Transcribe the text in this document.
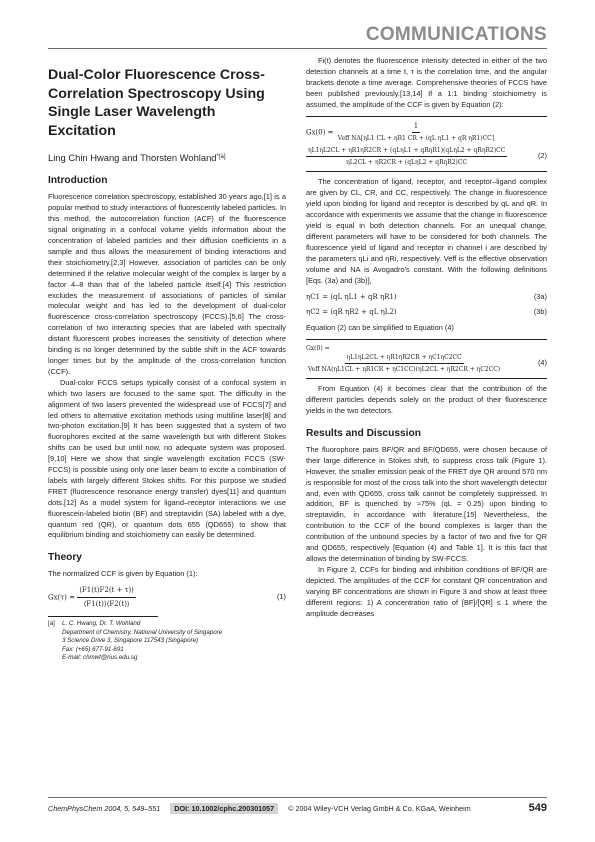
COMMUNICATIONS
Dual-Color Fluorescence Cross-Correlation Spectroscopy Using Single Laser Wavelength Excitation
Ling Chin Hwang and Thorsten Wohland$^{*[a]}$
Introduction

Fluorescence correlation spectroscopy, established 30 years ago,[1] is a popular method to study interactions of fluorescently labeled particles. In this method, the autocorrelation function (ACF) of the fluorescence signal originating in a confocal volume yields information about the concentration of labeled particles and their diffusion coefficients in a sample and thus allows the measurement of binding interactions and their stoichiometry.[2,3] However, association of particles can be only determined if the relative molecular weight of the complex is larger by a factor 4–8 than that of the labeled particle itself.[4] This restriction excludes the measurement of associations of particles of similar molecular weight and has led to the development of dual-color fluorescence cross-correlation spectroscopy (FCCS).[5,6] The cross-correlation of two interacting species that are labeled with spectrally distant fluorescent probes increases the sensitivity of detection where binding is no longer determined by the subtle shift in the ACF towards longer times but by the amplitude of the cross-correlation function (CCF).

Dual-color FCCS setups typically consist of a confocal system in which two lasers are focused to the same spot. The difficulty in the alignment of two lasers prevented the widespread use of FCCS[7] and led others to alternative excitation methods using multiline laser[8] and two-photon excitation.[9] It has been suggested that a system of two fluorophores excited at the same wavelength but with different Stokes shifts can be used but until now, no adequate system was proposed.[9,10] Here we show that single wavelength excitation FCCS (SW-FCCS) is possible using only one laser beam to excite a combination of labels with largely different Stokes shifts. For this purpose we studied FRET (fluorescence resonance energy transfer) dyes[11] and quantum dots.[12] As a model system for ligand–receptor interactions we use fluorescein-labeled biotin (BF) and streptavidin (SA) labeled with a dye, quantum red (QR), or quantum dots 655 (QD655) to show that equilibrium binding and stoichiometry can easily be determined.

Theory

The normalized CCF is given by Equation (1):

$Gx(\tau) = \frac{⟨F1(t)F2(t + \tau)⟩}{⟨F1(t)⟩⟨F2(t)⟩}$	(1)
[a] L. C. Hwang, Dr. T. Wohland
Department of Chemistry, National University of Singapore
3 Science Drive 3, Singapore 117543 (Singapore)
Fax: (+65) 677-91-691
E-mail: chmwt@nus.edu.sg

Fi(t) denotes the fluorescence intensity detected in either of the two detection channels at a time t, τ is the correlation time, and the angular brackets denote a time average. Comprehensive theories of FCCS have been published previously.[13,14] If a 1:1 binding stoichiometry is assumed, the amplitude of the CCF is given by Equation (2):

$Gx(0) = \frac{1}{\text{Veff NA[ηL1 CL + ηR1 CR + (qL ηL1 + qR ηR1)CC]}}$
$\frac{\text{ηL1ηL2CL + ηR1ηR2CR + (qLηL1 + qRηR1)(qLηL2 + qRηR2)CC}}{\text{ηL2CL + ηR2CR + (qLηL2 + qRηR2)CC}}$	(2)

The concentration of ligand, receptor, and receptor–ligand complex are given by CL, CR, and CC, respectively. The change in fluorescence yield upon binding for ligand and receptor is described by qL and qR. In accordance with experiments we assume that the change in fluorescence yield is equal in both detection channels. For an unequal change, different parameters will have to be considered for both channels. The fluorescence yield of ligand and receptor in channel i are described by the parameters ηLi and ηRi, respectively. Veff is the effective observation volume and NA is Avogadro's constant. With the following definitions [Eqs. (3a) and (3b)],

ηC1 = (qL ηL1 + qR ηR1)	(3a)
ηC2 = (qR ηR2 + qL ηL2)	(3b)

Equation (2) can be simplified to Equation (4)

Gx(0) =
$\frac{\eta L1\eta L2CL + \eta R1\eta R2CR + \eta C1\eta C2CC}{\text{Veff NA(ηL1CL + ηR1CR + ηC1CC)(ηL2CL + ηR2CR + ηC2CC)}}$	(4)

From Equation (4) it becomes clear that the contribution of the different particles depends solely on the product of their fluorescence yields in the two detectors.

Results and Discussion

The fluorophore pairs BF/QR and BF/QD655, were chosen because of their large difference in Stokes shift, to suppress cross talk (Figure 1). However, the smaller emission peak of the FRET dye QR around 570 nm is responsible for most of the cross talk into the short wavelength detector and, even with QD655, cross talk cannot be completely suppressed. In addition, BF is quenched by ≈75% (qL = 0.25) upon binding to streptavidin, in accordance with literature.[15] Nevertheless, the contribution to the CCF of the bound complexes is larger than the contribution of the unbound species by a factor of two and five for QR and QD655, respectively [Equation (4) and Table 1]. It is this fact that allows the determination of binding by SW-FCCS.

In Figure 2, CCFs for binding and inhibition conditions of BF/QR are depicted. The amplitudes of the CCF for constant QR concentration and varying BF concentrations are shown in Figure 3 and show at least three different regions: 1) A concentration ratio of [BF]/[QR] ≤ 1 where the amplitude decreases

ChemPhysChem 2004, 5, 549–551	DOI: 10.1002/cphc.200301057	© 2004 Wiley-VCH Verlag GmbH & Co. KGaA, Weinheim	549
